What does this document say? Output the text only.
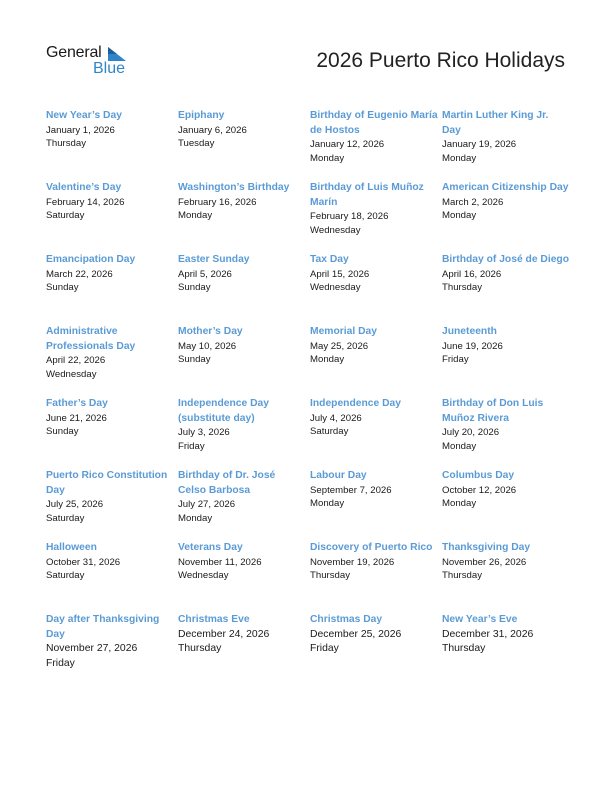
General
Blue	2026 Puerto Rico Holidays
New Year’s Day
January 1, 2026
Thursday
Epiphany
January 6, 2026
Tuesday
Birthday of Eugenio María de Hostos
January 12, 2026
Monday
Martin Luther King Jr. Day
January 19, 2026
Monday
Valentine’s Day
February 14, 2026
Saturday
Washington’s Birthday
February 16, 2026
Monday
Birthday of Luis Muñoz Marín
February 18, 2026
Wednesday
American Citizenship Day
March 2, 2026
Monday
Emancipation Day
March 22, 2026
Sunday
Easter Sunday
April 5, 2026
Sunday
Tax Day
April 15, 2026
Wednesday
Birthday of José de Diego
April 16, 2026
Thursday
Administrative Professionals Day
April 22, 2026
Wednesday
Mother’s Day
May 10, 2026
Sunday
Memorial Day
May 25, 2026
Monday
Juneteenth
June 19, 2026
Friday
Father’s Day
June 21, 2026
Sunday
Independence Day (substitute day)
July 3, 2026
Friday
Independence Day
July 4, 2026
Saturday
Birthday of Don Luis Muñoz Rivera
July 20, 2026
Monday
Puerto Rico Constitution Day
July 25, 2026
Saturday
Birthday of Dr. José Celso Barbosa
July 27, 2026
Monday
Labour Day
September 7, 2026
Monday
Columbus Day
October 12, 2026
Monday
Halloween
October 31, 2026
Saturday
Veterans Day
November 11, 2026
Wednesday
Discovery of Puerto Rico
November 19, 2026
Thursday
Thanksgiving Day
November 26, 2026
Thursday
Day after Thanksgiving Day
November 27, 2026
Friday
Christmas Eve
December 24, 2026
Thursday
Christmas Day
December 25, 2026
Friday
New Year’s Eve
December 31, 2026
Thursday
